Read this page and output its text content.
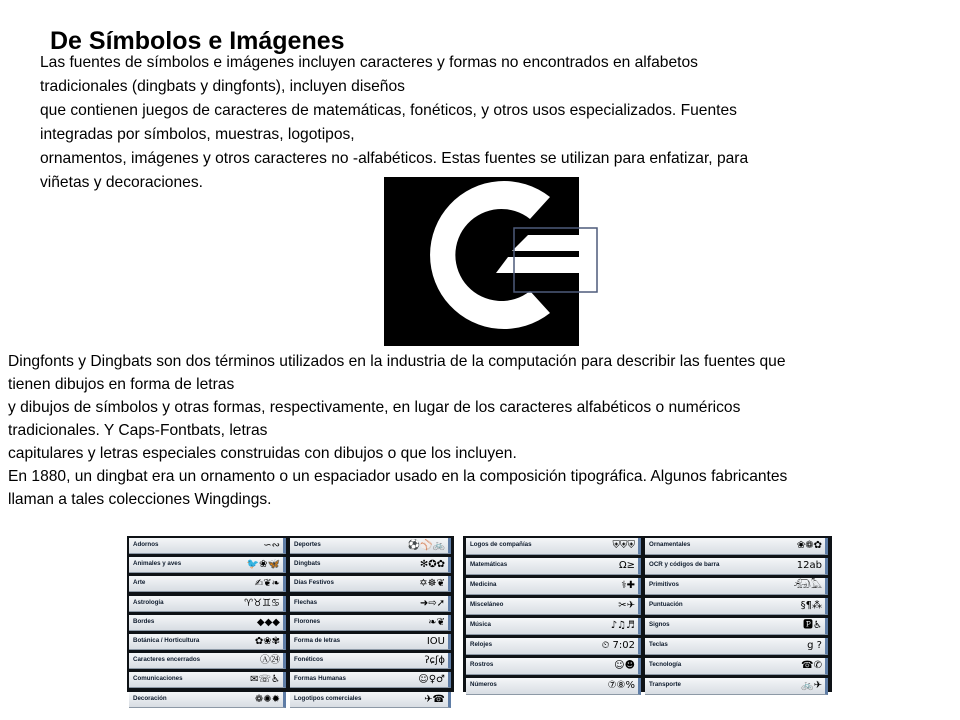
De Símbolos e Imágenes

Las fuentes de símbolos e imágenes incluyen caracteres y formas no encontrados en alfabetos
tradicionales (dingbats y dingfonts), incluyen diseños
que contienen juegos de caracteres de matemáticas, fonéticos, y otros usos especializados. Fuentes
integradas por símbolos, muestras, logotipos,
ornamentos, imágenes y otros caracteres no -alfabéticos. Estas fuentes se utilizan para enfatizar, para
viñetas y decoraciones.

Dingfonts y Dingbats son dos términos utilizados en la industria de la computación para describir las fuentes que
tienen dibujos en forma de letras
y dibujos de símbolos y otras formas, respectivamente, en lugar de los caracteres alfabéticos o numéricos
tradicionales. Y Caps-Fontbats, letras
capitulares y letras especiales construidas con dibujos o que los incluyen.
En 1880, un dingbat era un ornamento o un espaciador usado en la composición tipográfica. Algunos fabricantes
llaman a tales colecciones Wingdings.

Adornos	∽∾
Animales y aves	🐦❀🦋
Arte	✍❦❧
Astrología	♈♉♊♋
Bordes	◆◆◆
Botánica / Horticultura	✿❀✾
Caracteres encerrados	Ⓐ㉔
Comunicaciones	✉☏♿
Decoración	❁✺✹
Deportes	⚽⚾🚲
Dingbats	✻✪✿
Días Festivos	✡☸❦
Flechas	➜⇨➚
Florones	❧❦
Forma de letras	IOU
Fonéticos	ʔɕʃɸ
Formas Humanas	☺♀♂
Logotipos comerciales	✈☎
Logos de compañías	⛨⛨⛨
Matemáticas	Ω≥
Medicina	⚕✚
Misceláneo	✂✈
Música	♪♫♬
Relojes	⏲ 7:02
Rostros	☺☻
Números	⑦⑧%
Ornamentales	❀❁✿
OCR y códigos de barra	12ab
Primitivos	𓃰𓅓
Puntuación	§¶⁂
Signos	🅿♿
Teclas	g ?
Tecnología	☎✆
Transporte	🚲✈
